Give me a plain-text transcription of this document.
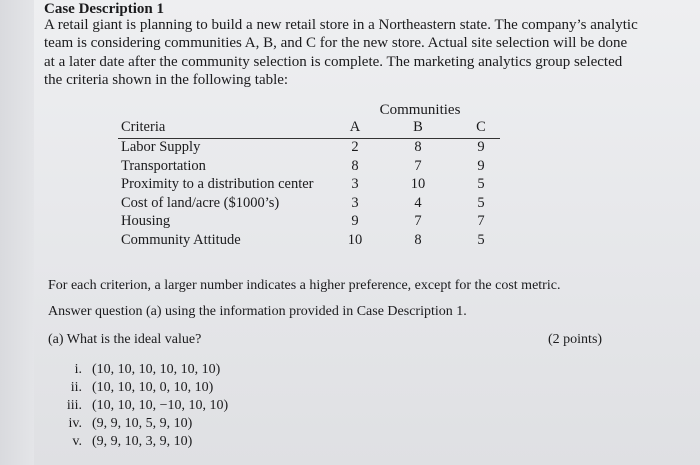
Case Description 1
A retail giant is planning to build a new retail store in a Northeastern state. The company’s analytic
team is considering communities A, B, and C for the new store. Actual site selection will be done
at a later date after the community selection is complete. The marketing analytics group selected
the criteria shown in the following table:
Communities
Criteria	A	B	C
Labor Supply	2	8	9
Transportation	8	7	9
Proximity to a distribution center	3	10	5
Cost of land/acre ($1000’s)	3	4	5
Housing	9	7	7
Community Attitude	10	8	5
For each criterion, a larger number indicates a higher preference, except for the cost metric.
Answer question (a) using the information provided in Case Description 1.
(a) What is the ideal value?	(2 points)
i. (10, 10, 10, 10, 10, 10)
ii. (10, 10, 10, 0, 10, 10)
iii. (10, 10, 10, −10, 10, 10)
iv. (9, 9, 10, 5, 9, 10)
v. (9, 9, 10, 3, 9, 10)
